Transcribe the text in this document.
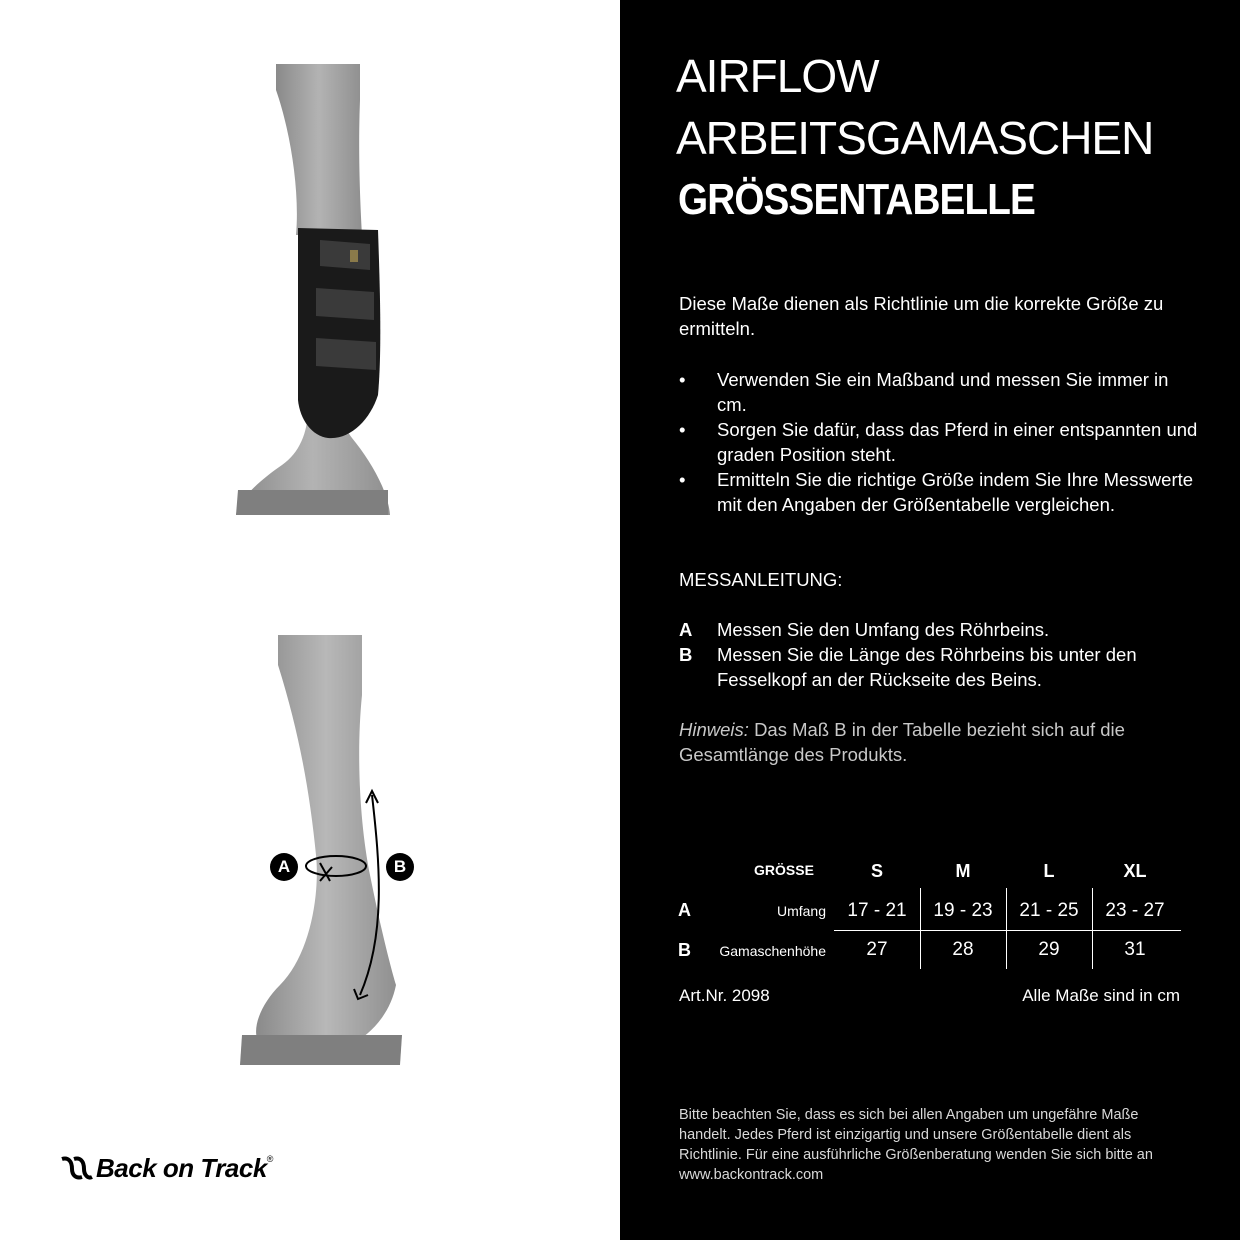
A	B
Back on Track ®
AIRFLOW
ARBEITSGAMASCHEN
GRÖSSENTABELLE
Diese Maße dienen als Richtlinie um die korrekte Größe zu ermitteln.
• Verwenden Sie ein Maßband und messen Sie immer in cm.
• Sorgen Sie dafür, dass das Pferd in einer entspannten und graden Position steht.
• Ermitteln Sie die richtige Größe indem Sie Ihre Messwerte mit den Angaben der Größentabelle vergleichen.
MESSANLEITUNG:
A Messen Sie den Umfang des Röhrbeins.
B Messen Sie die Länge des Röhrbeins bis unter den Fesselkopf an der Rückseite des Beins.
Hinweis: Das Maß B in der Tabelle bezieht sich auf die Gesamtlänge des Produkts.
GRÖSSE	S	M	L	XL
A	Umfang	17 - 21	19 - 23	21 - 25	23 - 27
B	Gamaschenhöhe	27	28	29	31
Art.Nr. 2098	Alle Maße sind in cm
Bitte beachten Sie, dass es sich bei allen Angaben um ungefähre Maße handelt. Jedes Pferd ist einzigartig und unsere Größentabelle dient als Richtlinie. Für eine ausführliche Größenberatung wenden Sie sich bitte an www.backontrack.com
